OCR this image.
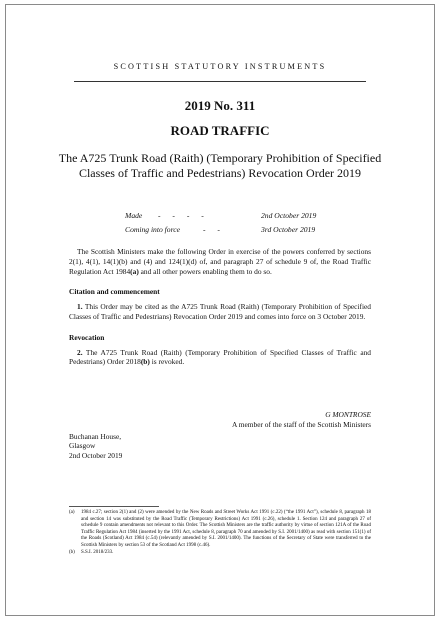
SCOTTISH STATUTORY INSTRUMENTS
2019 No. 311
ROAD TRAFFIC
The A725 Trunk Road (Raith) (Temporary Prohibition of Specified Classes of Traffic and Pedestrians) Revocation Order 2019
Made - - - -	2nd October 2019
Coming into force	- -	3rd October 2019

The Scottish Ministers make the following Order in exercise of the powers conferred by sections 2(1), 4(1), 14(1)(b) and (4) and 124(1)(d) of, and paragraph 27 of schedule 9 of, the Road Traffic Regulation Act 1984(a) and all other powers enabling them to do so.

Citation and commencement

1. This Order may be cited as the A725 Trunk Road (Raith) (Temporary Prohibition of Specified Classes of Traffic and Pedestrians) Revocation Order 2019 and comes into force on 3 October 2019.

Revocation

2. The A725 Trunk Road (Raith) (Temporary Prohibition of Specified Classes of Traffic and Pedestrians) Order 2018(b) is revoked.

G MONTROSE
A member of the staff of the Scottish Ministers
Buchanan House,
Glasgow
2nd October 2019
(a) 1984 c.27; section 2(1) and (2) were amended by the New Roads and Street Works Act 1991 (c.22) (“the 1991 Act”), schedule 8, paragraph 18 and section 14 was substituted by the Road Traffic (Temporary Restrictions) Act 1991 (c.26), schedule 1. Section 124 and paragraph 27 of schedule 9 contain amendments not relevant to this Order. The Scottish Ministers are the traffic authority by virtue of section 121A of the Road Traffic Regulation Act 1984 (inserted by the 1991 Act, schedule 8, paragraph 70 and amended by S.I. 2001/1400) as read with section 151(1) of the Roads (Scotland) Act 1984 (c.54) (relevantly amended by S.I. 2001/1400). The functions of the Secretary of State were transferred to the Scottish Ministers by section 53 of the Scotland Act 1998 (c.46).
(b) S.S.I. 2018/233.
